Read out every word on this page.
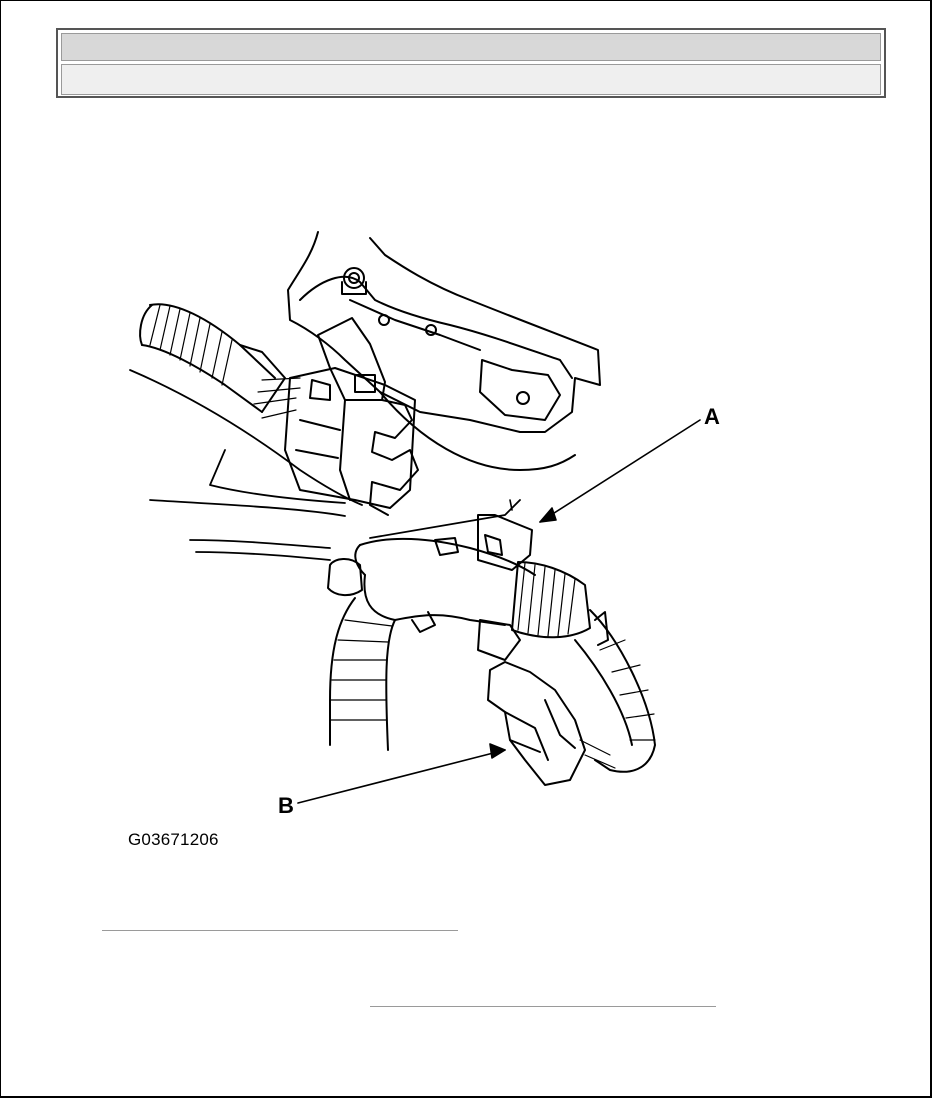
A
B
G03671206
